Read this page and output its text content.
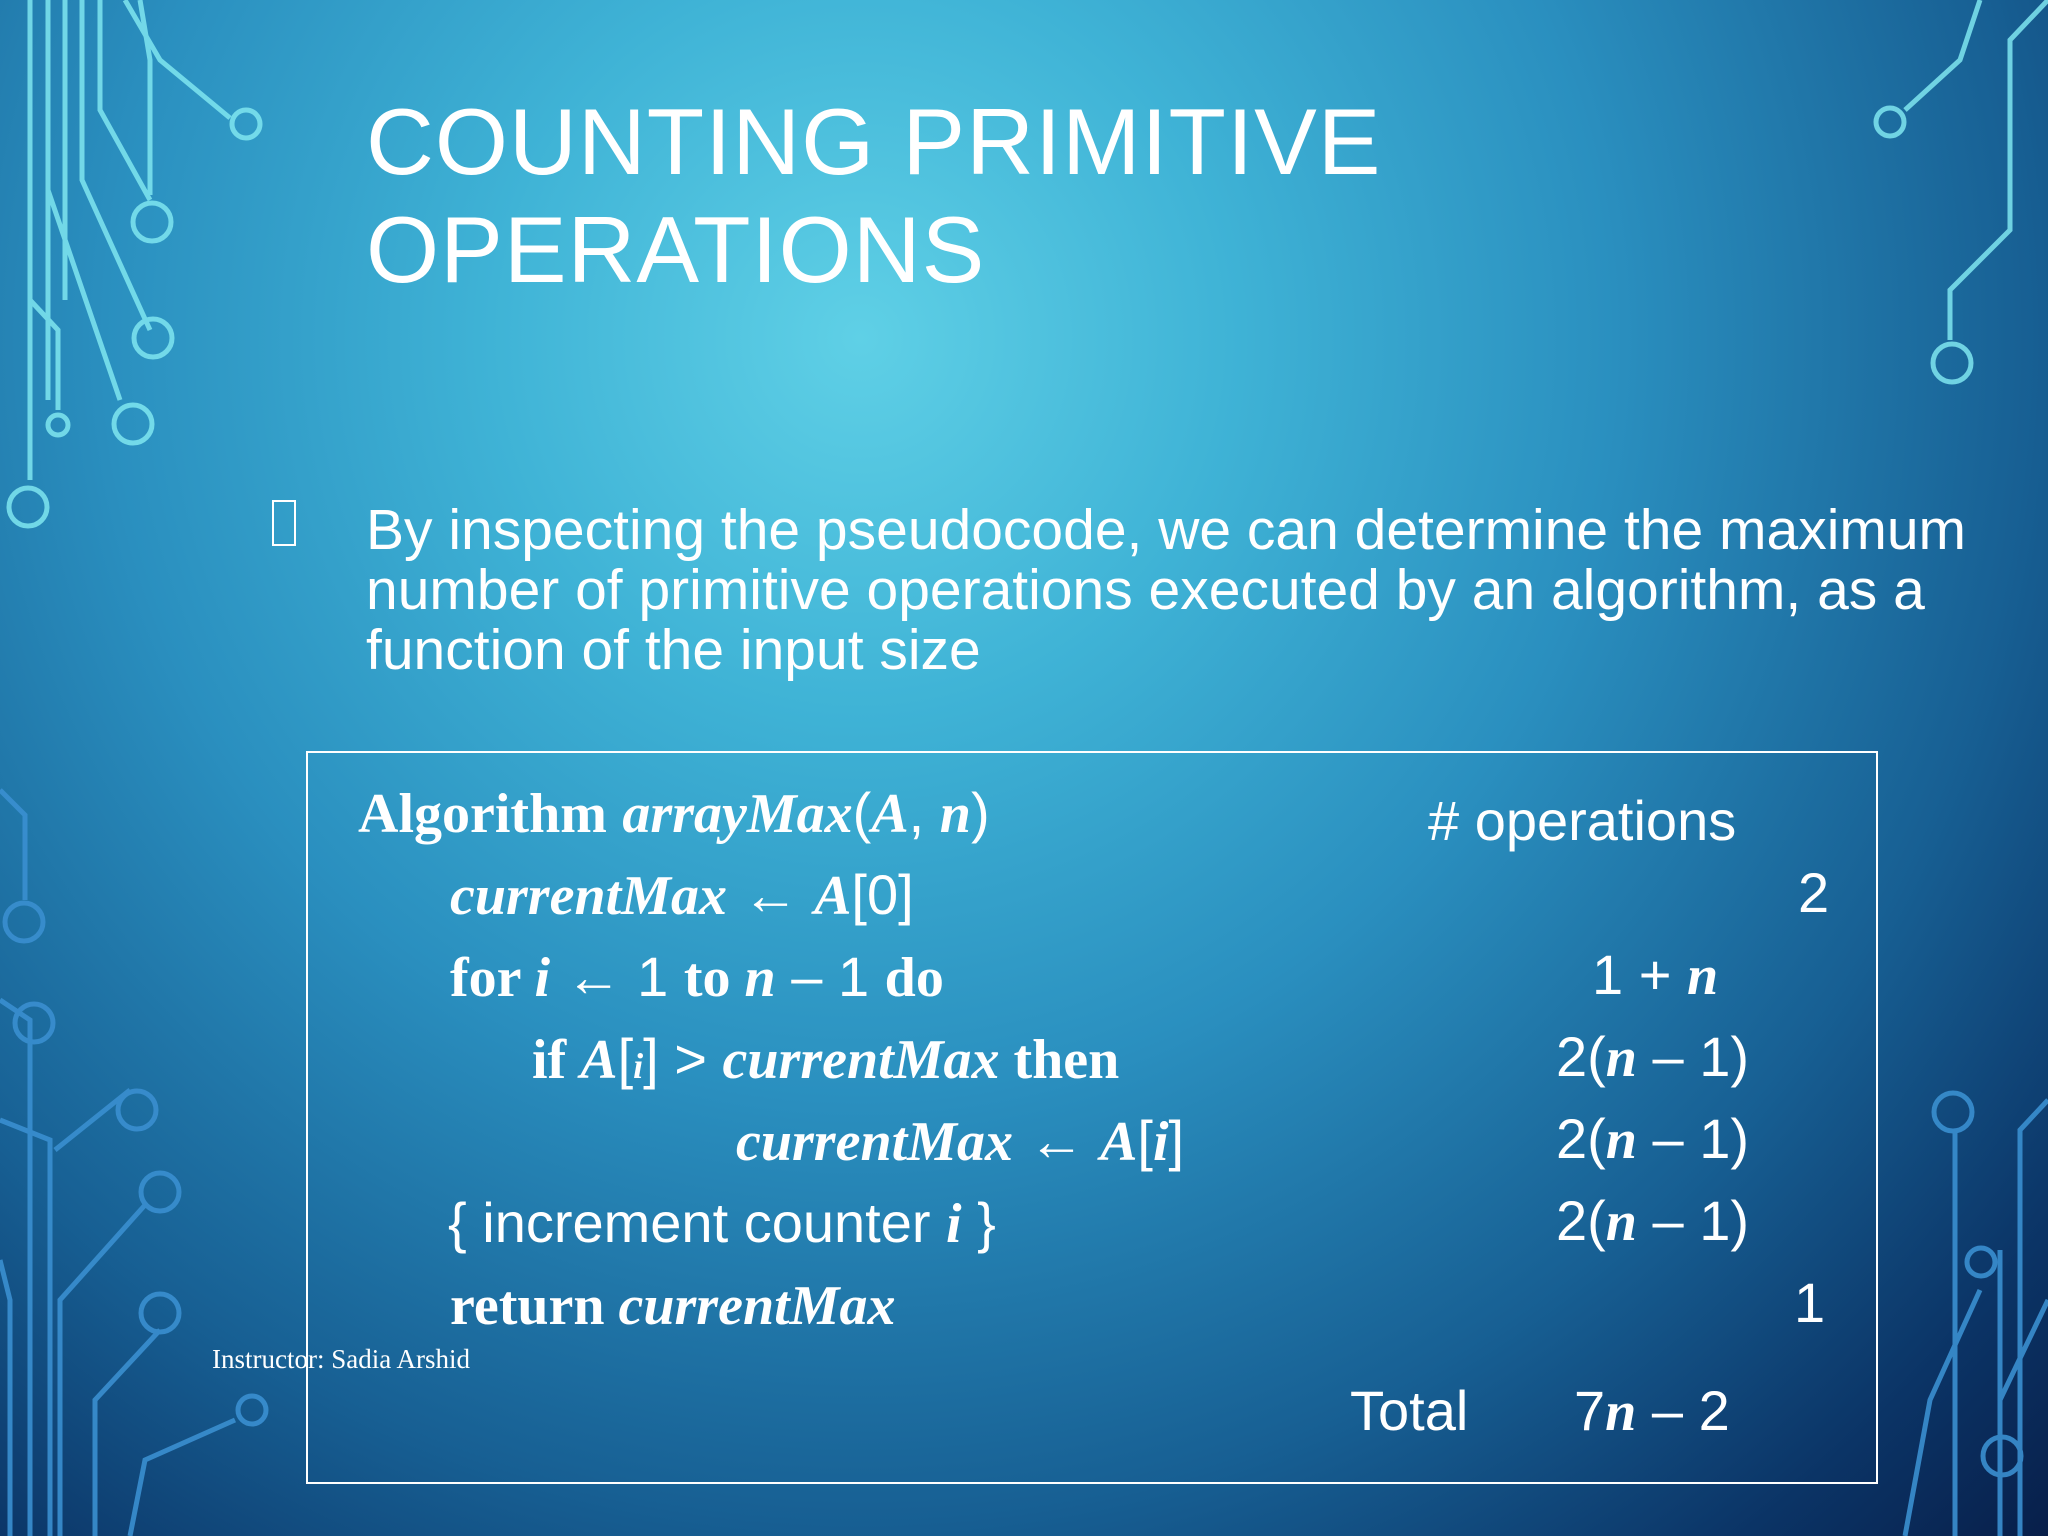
COUNTING PRIMITIVE
OPERATIONS
By inspecting the pseudocode, we can determine the maximum number of primitive operations executed by an algorithm, as a function of the input size
Algorithm arrayMax(A, n)	# operations
currentMax ← A[0]	2
for i ← 1 to n – 1 do	1 + n
if A[i] > currentMax then	2(n – 1)
currentMax ← A[i]	2(n – 1)
{ increment counter i }	2(n – 1)
return currentMax	1
Total 7n – 2
Instructor: Sadia Arshid
